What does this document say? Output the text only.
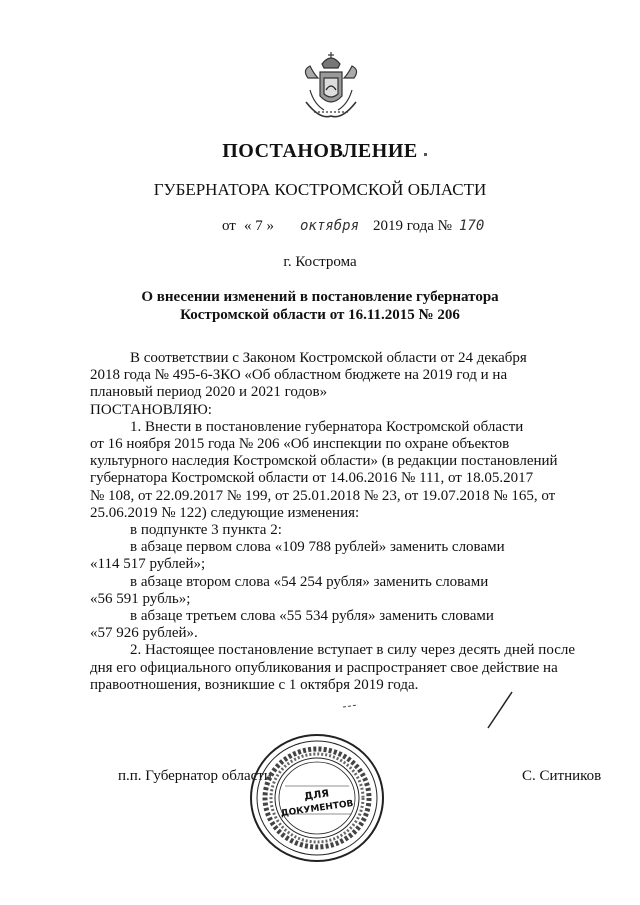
ПОСТАНОВЛЕНИЕ
ГУБЕРНАТОРА КОСТРОМСКОЙ ОБЛАСТИ
от « 7 » октября 2019 года № 170
г. Кострома
О внесении изменений в постановление губернатора
Костромской области от 16.11.2015 № 206

В соответствии с Законом Костромской области от 24 декабря

2018 года № 495-6-ЗКО «Об областном бюджете на 2019 год и на

плановый период 2020 и 2021 годов»

ПОСТАНОВЛЯЮ:

1. Внести в постановление губернатора Костромской области

от 16 ноября 2015 года № 206 «Об инспекции по охране объектов

культурного наследия Костромской области» (в редакции постановлений

губернатора Костромской области от 14.06.2016 № 111, от 18.05.2017

№ 108, от 22.09.2017 № 199, от 25.01.2018 № 23, от 19.07.2018 № 165, от

25.06.2019 № 122) следующие изменения:

в подпункте 3 пункта 2:

в абзаце первом слова «109 788 рублей» заменить словами

«114 517 рублей»;

в абзаце втором слова «54 254 рубля» заменить словами

«56 591 рубль»;

в абзаце третьем слова «55 534 рубля» заменить словами

«57 926 рублей».

2. Настоящее постановление вступает в силу через десять дней после

дня его официального опубликования и распространяет свое действие на

правоотношения, возникшие с 1 октября 2019 года.

п.п. Губернатор области	С. Ситников
ДЛЯ
ДОКУМЕНТОВ
